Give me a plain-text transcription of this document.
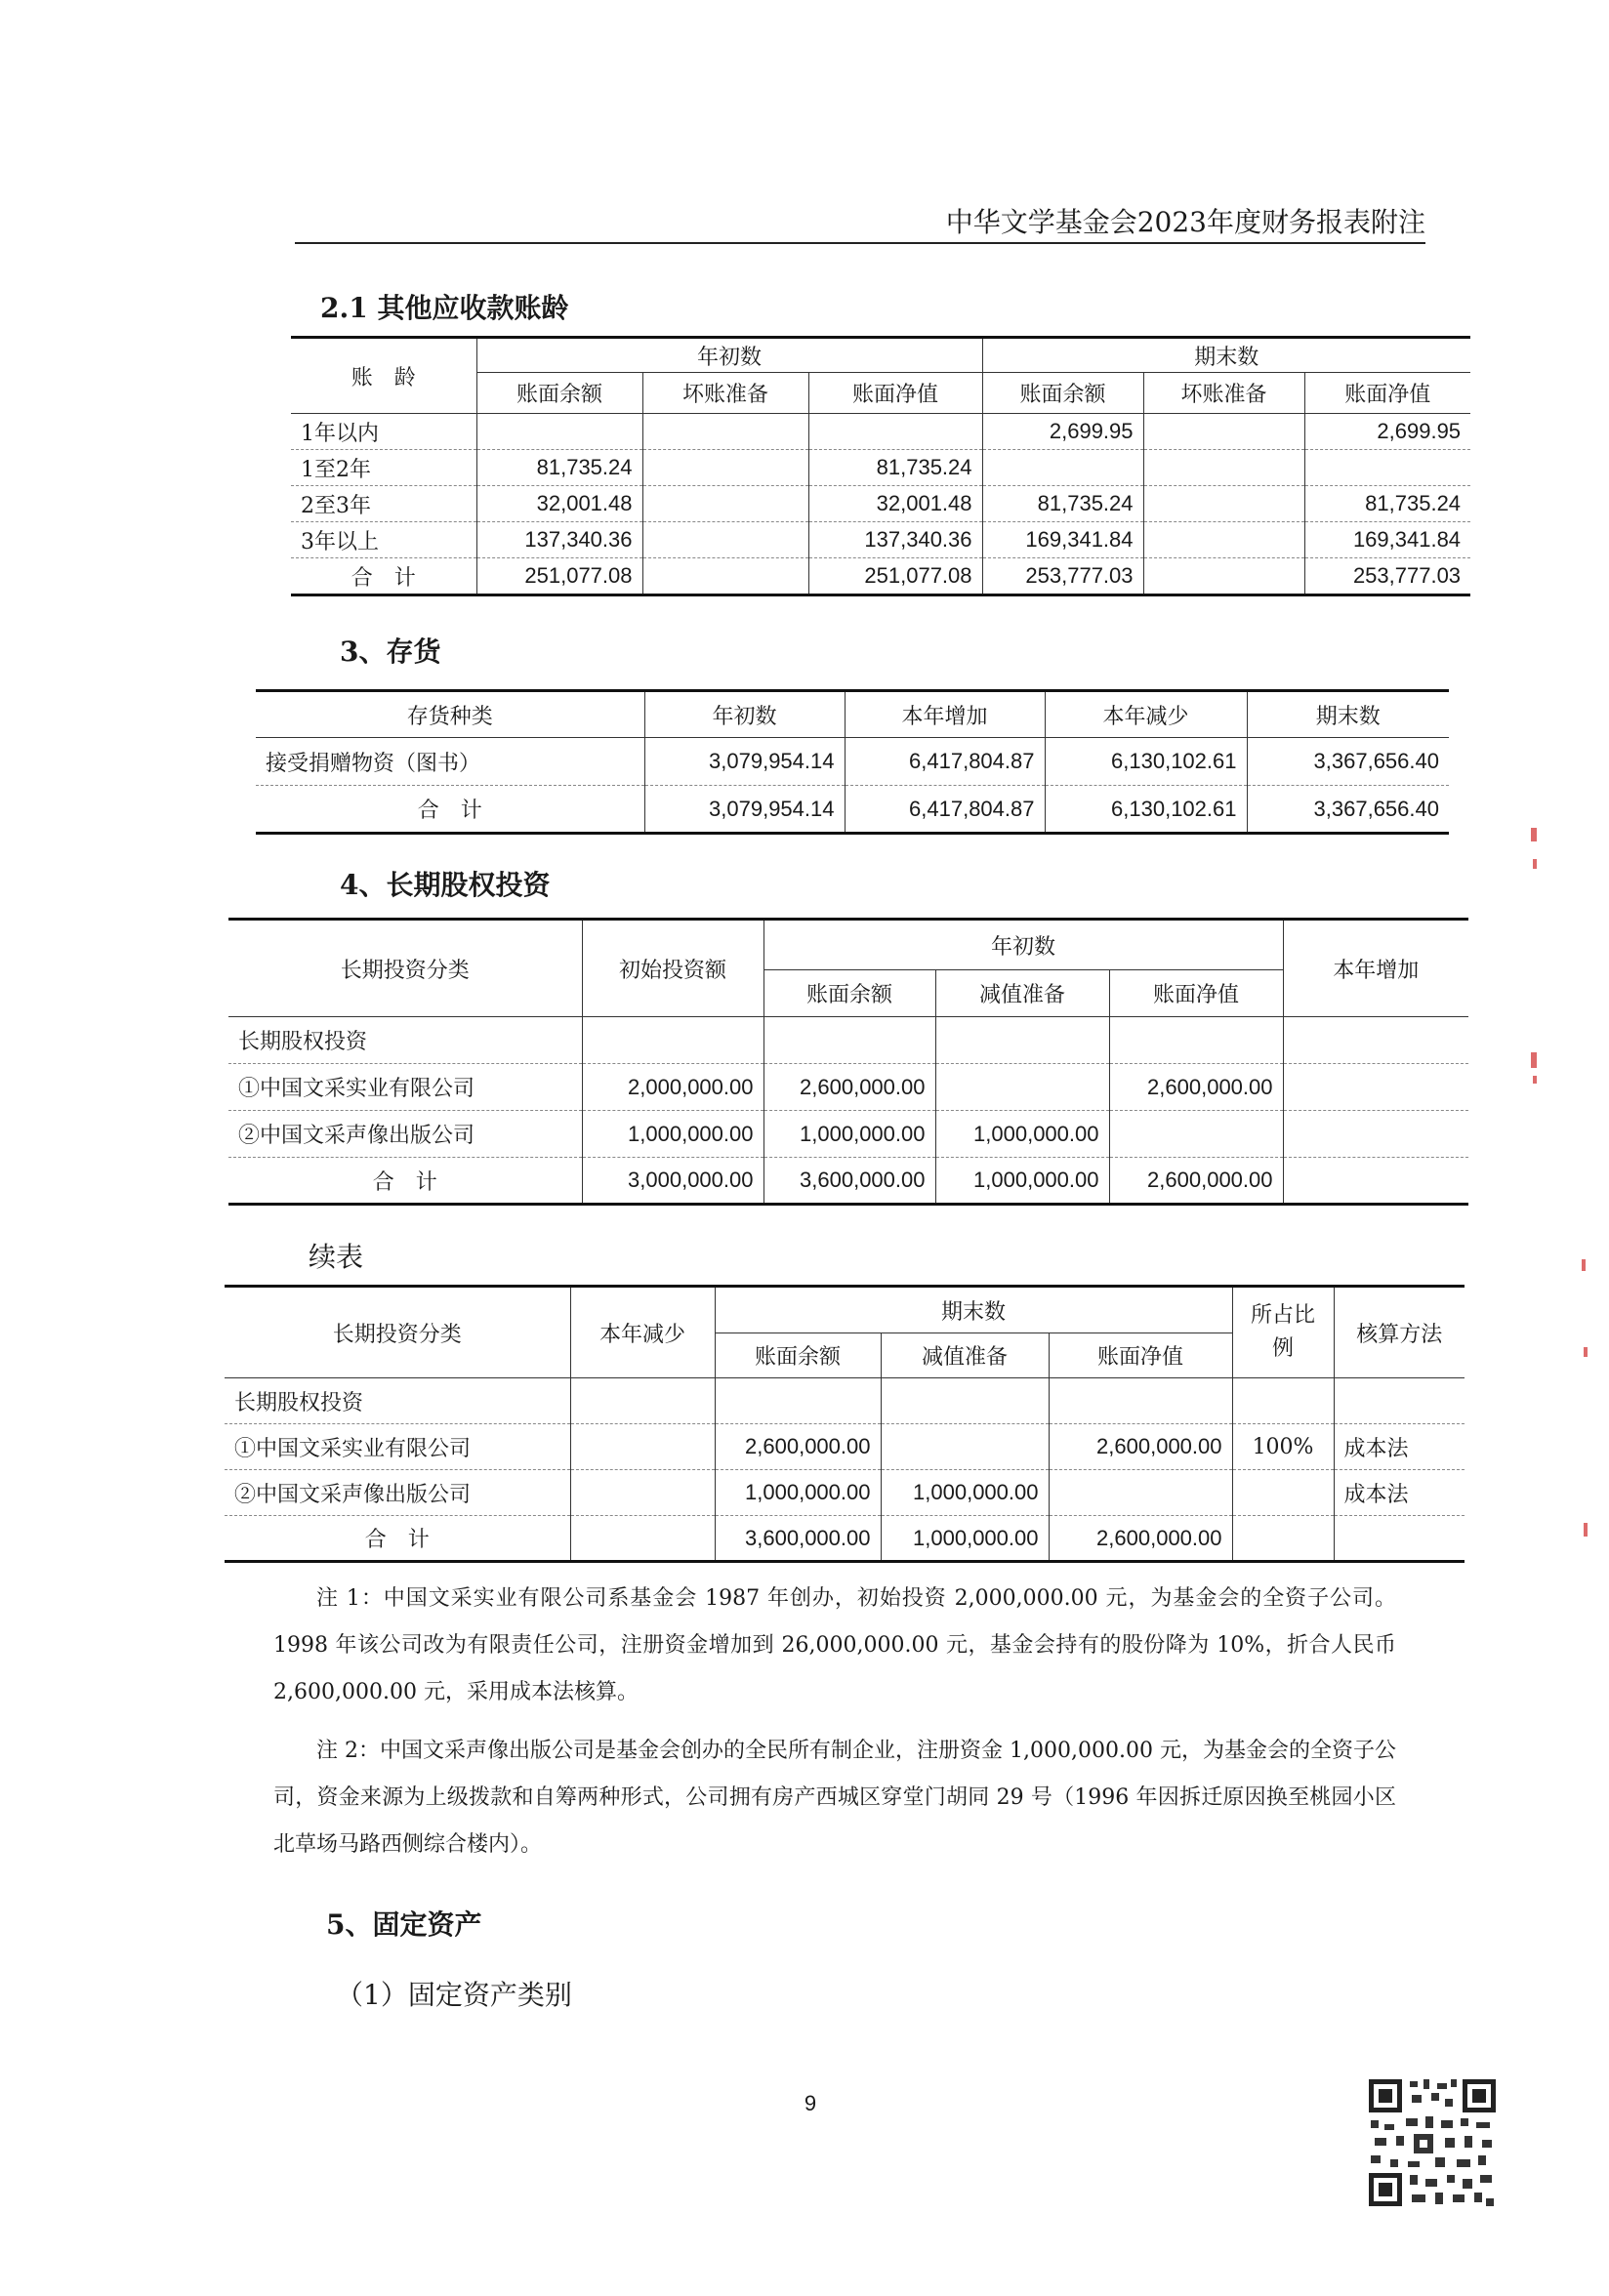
中华文学基金会2023年度财务报表附注
2.1 其他应收款账龄
账　龄	年初数			期末数		
	账面余额	坏账准备	账面净值	账面余额	坏账准备	账面净值
1年以内				2,699.95		2,699.95
1至2年	81,735.24		81,735.24			
2至3年	32,001.48		32,001.48	81,735.24		81,735.24
3年以上	137,340.36		137,340.36	169,341.84		169,341.84
合　计	251,077.08		251,077.08	253,777.03		253,777.03
3、存货
存货种类	年初数	本年增加	本年减少	期末数
接受捐赠物资（图书）	3,079,954.14	6,417,804.87	6,130,102.61	3,367,656.40
合　计	3,079,954.14	6,417,804.87	6,130,102.61	3,367,656.40
4、长期股权投资
长期投资分类	初始投资额	年初数			本年增加
		账面余额	减值准备	账面净值	
长期股权投资					
①中国文采实业有限公司	2,000,000.00	2,600,000.00		2,600,000.00	
②中国文采声像出版公司	1,000,000.00	1,000,000.00	1,000,000.00		
合　计	3,000,000.00	3,600,000.00	1,000,000.00	2,600,000.00	
续表
长期投资分类	本年减少	期末数			所占比例	核算方法
		账面余额	减值准备	账面净值		
长期股权投资						
①中国文采实业有限公司		2,600,000.00		2,600,000.00	100%	成本法
②中国文采声像出版公司		1,000,000.00	1,000,000.00			成本法
合　计		3,600,000.00	1,000,000.00	2,600,000.00		

注 1：中国文采实业有限公司系基金会 1987 年创办，初始投资 2,000,000.00 元，为基金会的全资子公司。1998 年该公司改为有限责任公司，注册资金增加到 26,000,000.00 元，基金会持有的股份降为 10%，折合人民币 2,600,000.00 元，采用成本法核算。

注 2：中国文采声像出版公司是基金会创办的全民所有制企业，注册资金 1,000,000.00 元，为基金会的全资子公司，资金来源为上级拨款和自筹两种形式，公司拥有房产西城区穿堂门胡同 29 号（1996 年因拆迁原因换至桃园小区北草场马路西侧综合楼内）。

5、固定资产
（1）固定资产类别
9
